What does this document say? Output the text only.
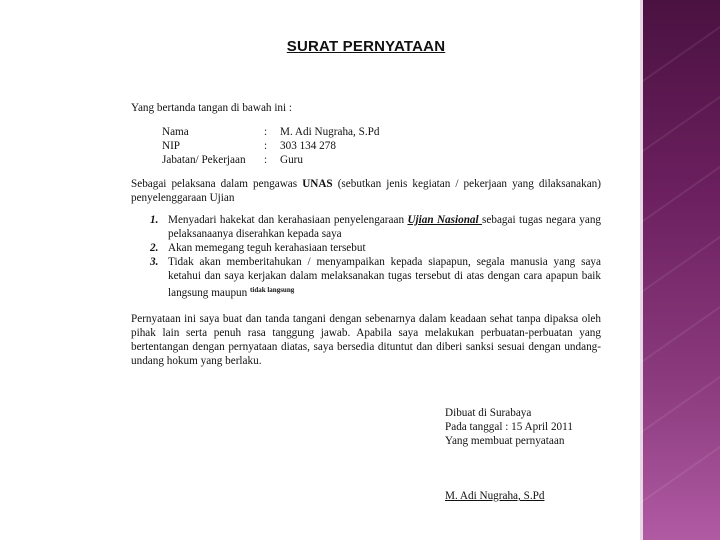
SURAT PERNYATAAN
Yang bertanda tangan di bawah ini :
Nama	:	M. Adi Nugraha, S.Pd
NIP	:	303 134 278
Jabatan/ Pekerjaan	:	Guru
Sebagai pelaksana dalam pengawas UNAS (sebutkan jenis kegiatan / pekerjaan yang dilaksanakan) penyelenggaraan Ujian
1. Menyadari hakekat dan kerahasiaan penyelengaraan Ujian Nasional sebagai tugas negara yang pelaksanaanya diserahkan kepada saya
2. Akan memegang teguh kerahasiaan tersebut
3. Tidak akan memberitahukan / menyampaikan kepada siapapun, segala manusia yang saya ketahui dan saya kerjakan dalam melaksanakan tugas tersebut di atas dengan cara apapun baik langsung maupun $^{tidak langsung}$
Pernyataan ini saya buat dan tanda tangani dengan sebenarnya dalam keadaan sehat tanpa dipaksa oleh pihak lain serta penuh rasa tanggung jawab. Apabila saya melakukan perbuatan-perbuatan yang bertentangan dengan pernyataan diatas, saya bersedia dituntut dan diberi sanksi sesuai dengan undang-undang hokum yang berlaku.
Dibuat di Surabaya
Pada tanggal : 15 April 2011
Yang membuat pernyataan
M. Adi Nugraha, S.Pd
